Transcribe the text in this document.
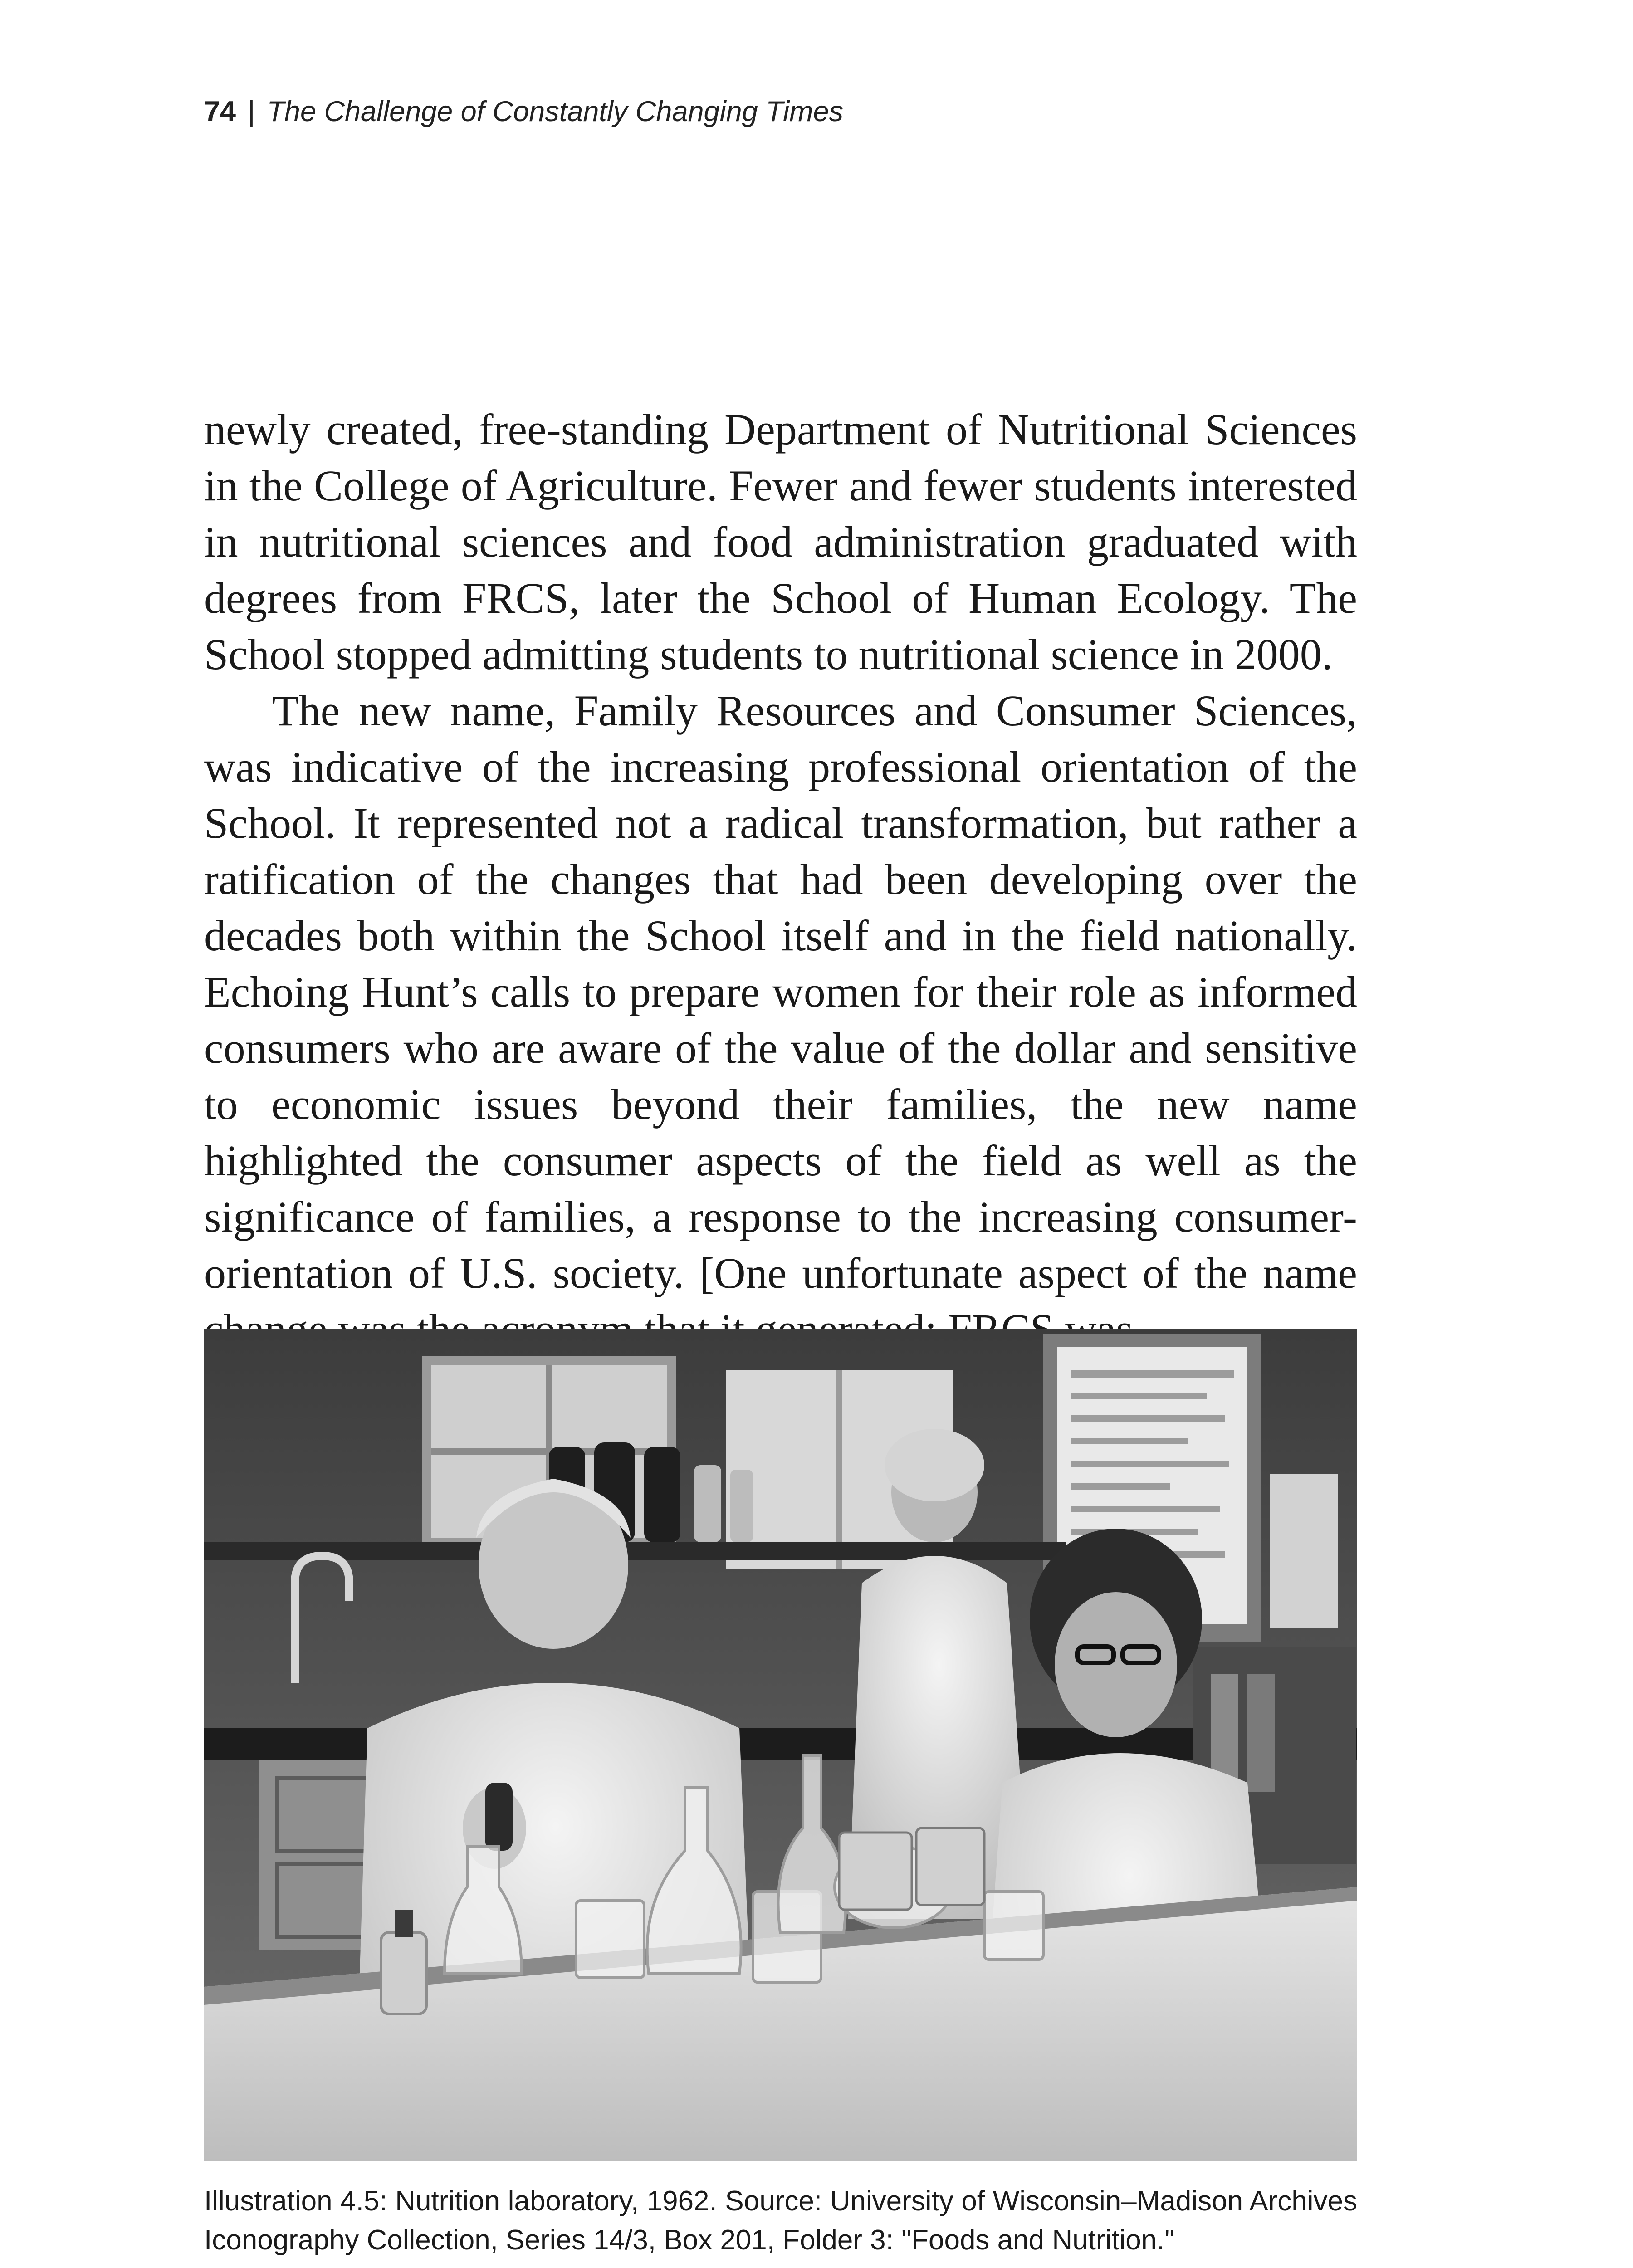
74 | The Challenge of Constantly Changing Times

newly created, free-standing Department of Nutritional Sciences in the College of Agriculture. Fewer and fewer students interested in nutritional sciences and food administration graduated with degrees from FRCS, later the School of Human Ecology. The School stopped admitting students to nutritional science in 2000.

The new name, Family Resources and Consumer Sciences, was indicative of the increasing professional orientation of the School. It represented not a radical transformation, but rather a ratification of the changes that had been developing over the decades both within the School itself and in the field nationally. Echoing Hunt’s calls to prepare women for their role as informed consumers who are aware of the value of the dollar and sensitive to economic issues beyond their families, the new name highlighted the consumer aspects of the field as well as the significance of families, a response to the increasing consumer-orientation of U.S. society. [One unfortunate aspect of the name

Illustration 4.5: Nutrition laboratory, 1962. Source: University of Wisconsin–Madison Archives Iconography Collection, Series 14/3, Box 201, Folder 3: "Foods and Nutrition."
